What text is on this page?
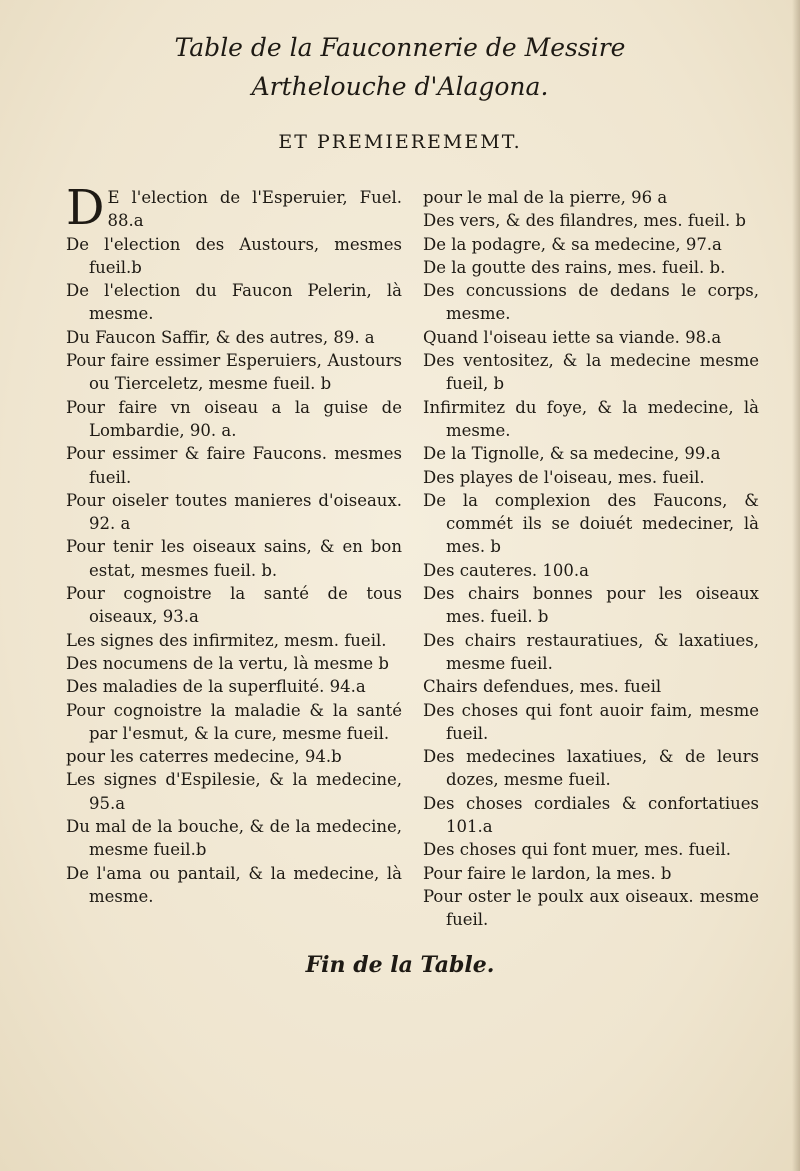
Table de la Fauconnerie de Messire
Arthelouche d'Alagona.
ET PREMIEREMEMT.

D E l'election de l'Esperuier, Fuel. 88.a

De l'election des Austours, mesmes fueil.b

De l'election du Faucon Pelerin, là mesme.

Du Faucon Saffir, & des autres, 89. a

Pour faire essimer Esperuiers, Austours ou Tierceletz, mesme fueil. b

Pour faire vn oiseau a la guise de Lombardie, 90. a.

Pour essimer & faire Faucons. mesmes fueil.

Pour oiseler toutes manieres d'oiseaux. 92. a

Pour tenir les oiseaux sains, & en bon estat, mesmes fueil. b.

Pour cognoistre la santé de tous oiseaux, 93.a

Les signes des infirmitez, mesm. fueil.

Des nocumens de la vertu, là mesme b

Des maladies de la superfluité. 94.a

Pour cognoistre la maladie & la santé par l'esmut, & la cure, mesme fueil.

pour les caterres medecine, 94.b

Les signes d'Espilesie, & la medecine, 95.a

Du mal de la bouche, & de la medecine, mesme fueil.b

De l'ama ou pantail, & la medecine, là mesme.

pour le mal de la pierre, 96 a

Des vers, & des filandres, mes. fueil. b

De la podagre, & sa medecine, 97.a

De la goutte des rains, mes. fueil. b.

Des concussions de dedans le corps, mesme.

Quand l'oiseau iette sa viande. 98.a

Des ventositez, & la medecine mesme fueil, b

Infirmitez du foye, & la medecine, là mesme.

De la Tignolle, & sa medecine, 99.a

Des playes de l'oiseau, mes. fueil.

De la complexion des Faucons, & commét ils se doiuét medeciner, là mes. b

Des cauteres. 100.a

Des chairs bonnes pour les oiseaux mes. fueil. b

Des chairs restauratiues, & laxatiues, mesme fueil.

Chairs defendues, mes. fueil

Des choses qui font auoir faim, mesme fueil.

Des medecines laxatiues, & de leurs dozes, mesme fueil.

Des choses cordiales & confortatiues 101.a

Des choses qui font muer, mes. fueil.

Pour faire le lardon, la mes. b

Pour oster le poulx aux oiseaux. mesme fueil.

Fin de la Table.
